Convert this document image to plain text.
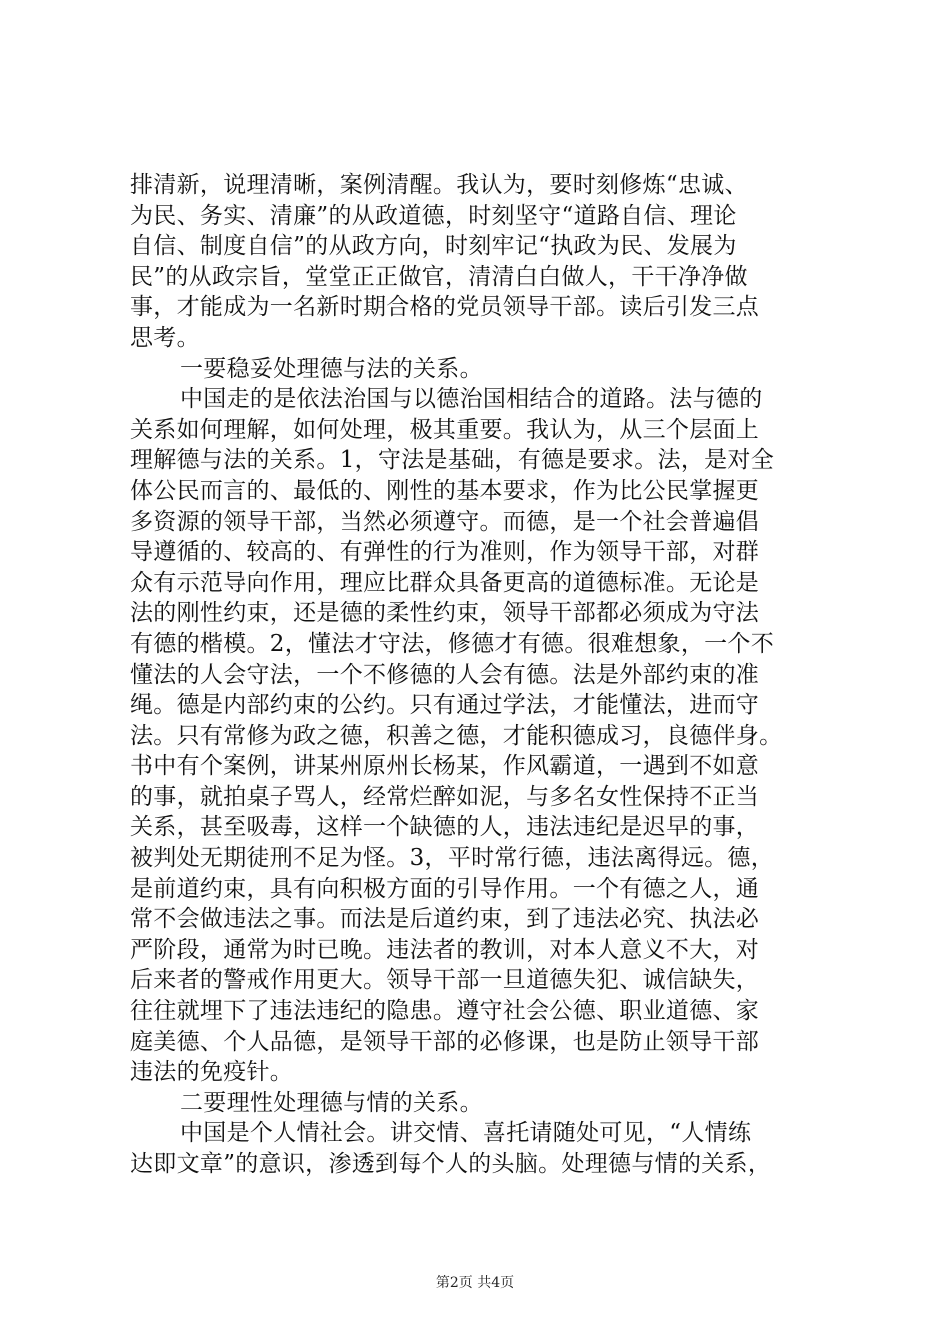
排清新，说理清晰，案例清醒。我认为，要时刻修炼“忠诚、
为民、务实、清廉”的从政道德，时刻坚守“道路自信、理论
自信、制度自信”的从政方向，时刻牢记“执政为民、发展为
民”的从政宗旨，堂堂正正做官，清清白白做人，干干净净做
事，才能成为一名新时期合格的党员领导干部。读后引发三点
思考。
一要稳妥处理德与法的关系。
中国走的是依法治国与以德治国相结合的道路。法与德的
关系如何理解，如何处理，极其重要。我认为，从三个层面上
理解德与法的关系。1，守法是基础，有德是要求。法，是对全
体公民而言的、最低的、刚性的基本要求，作为比公民掌握更
多资源的领导干部，当然必须遵守。而德，是一个社会普遍倡
导遵循的、较高的、有弹性的行为准则，作为领导干部，对群
众有示范导向作用，理应比群众具备更高的道德标准。无论是
法的刚性约束，还是德的柔性约束，领导干部都必须成为守法
有德的楷模。2，懂法才守法，修德才有德。很难想象，一个不
懂法的人会守法，一个不修德的人会有德。法是外部约束的准
绳。德是内部约束的公约。只有通过学法，才能懂法，进而守
法。只有常修为政之德，积善之德，才能积德成习，良德伴身。
书中有个案例，讲某州原州长杨某，作风霸道，一遇到不如意
的事，就拍桌子骂人，经常烂醉如泥，与多名女性保持不正当
关系，甚至吸毒，这样一个缺德的人，违法违纪是迟早的事，
被判处无期徒刑不足为怪。3，平时常行德，违法离得远。德，
是前道约束，具有向积极方面的引导作用。一个有德之人，通
常不会做违法之事。而法是后道约束，到了违法必究、执法必
严阶段，通常为时已晚。违法者的教训，对本人意义不大，对
后来者的警戒作用更大。领导干部一旦道德失犯、诚信缺失，
往往就埋下了违法违纪的隐患。遵守社会公德、职业道德、家
庭美德、个人品德，是领导干部的必修课，也是防止领导干部
违法的免疫针。
二要理性处理德与情的关系。
中国是个人情社会。讲交情、喜托请随处可见，“人情练
达即文章”的意识，渗透到每个人的头脑。处理德与情的关系，
第2页 共4页
